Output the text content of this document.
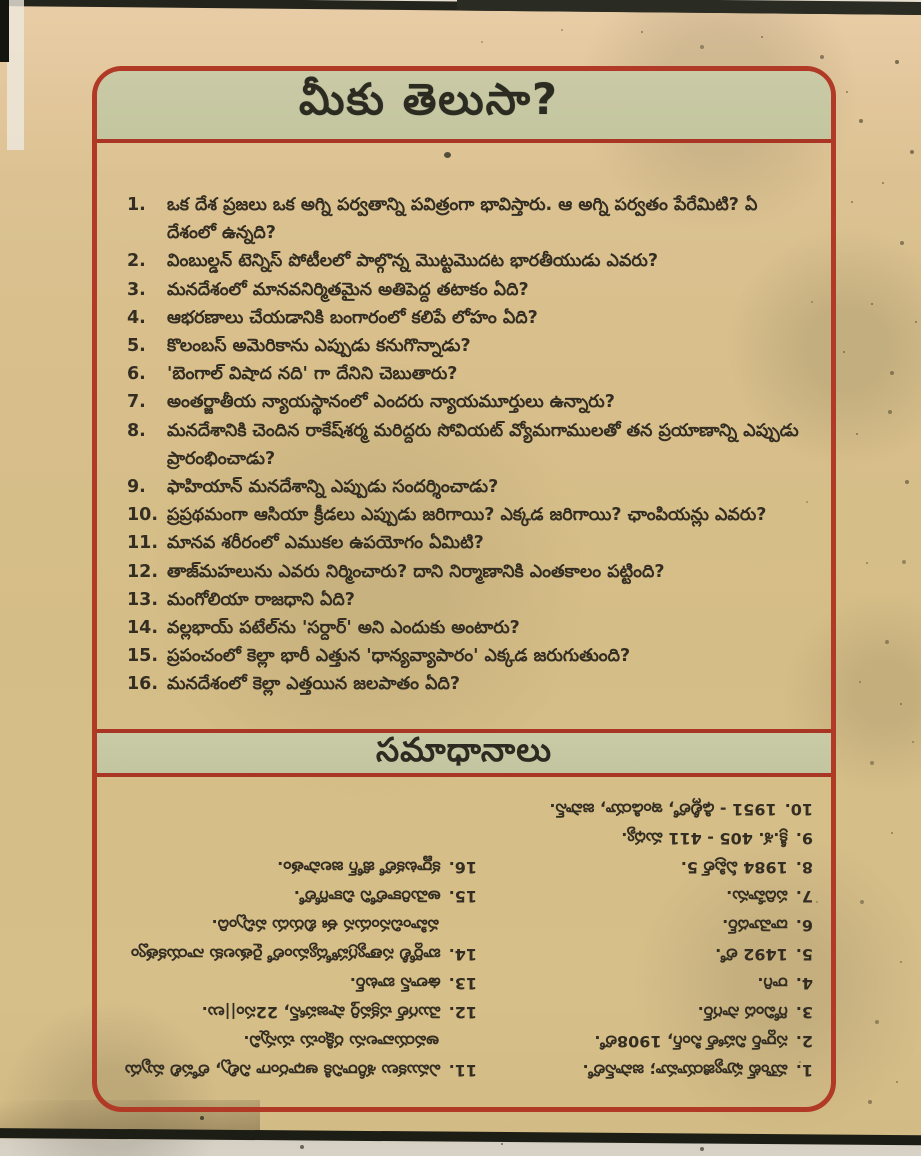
మీకు తెలుసా?
1.	ఒక దేశ ప్రజలు ఒక అగ్ని పర్వతాన్ని పవిత్రంగా భావిస్తారు. ఆ అగ్ని పర్వతం పేరేమిటి? ఏ దేశంలో ఉన్నది?
2.	వింబుల్డన్ టెన్నిస్ పోటీలలో పాల్గొన్న మొట్టమొదట భారతీయుడు ఎవరు?
3.	మనదేశంలో మానవనిర్మితమైన అతిపెద్ద తటాకం ఏది?
4.	ఆభరణాలు చేయడానికి బంగారంలో కలిపే లోహం ఏది?
5.	కొలంబస్ అమెరికాను ఎప్పుడు కనుగొన్నాడు?
6.	'బెంగాల్ విషాద నది' గా దేనిని చెబుతారు?
7.	అంతర్జాతీయ న్యాయస్థానంలో ఎందరు న్యాయమూర్తులు ఉన్నారు?
8.	మనదేశానికి చెందిన రాకేష్‌శర్మ మరిద్దరు సోవియట్ వ్యోమగాములతో తన ప్రయాణాన్ని ఎప్పుడు ప్రారంభించాడు?
9.	ఫాహియాన్ మనదేశాన్ని ఎప్పుడు సందర్శించాడు?
10. ప్రప్రథమంగా ఆసియా క్రీడలు ఎప్పుడు జరిగాయి? ఎక్కడ జరిగాయి? ఛాంపియన్లు ఎవరు?
11. మానవ శరీరంలో ఎముకల ఉపయోగం ఏమిటి?
12. తాజ్‌మహలును ఎవరు నిర్మించారు? దాని నిర్మాణానికి ఎంతకాలం పట్టింది?
13. మంగోలియా రాజధాని ఏది?
14. వల్లభాయ్ పటేల్‌ను 'సర్దార్' అని ఎందుకు అంటారు?
15. ప్రపంచంలో కెల్లా భారీ ఎత్తున 'ధాన్యవ్యాపారం' ఎక్కడ జరుగుతుంది?
16. మనదేశంలో కెల్లా ఎత్తయిన జలపాతం ఏది?
సమాధానాలు
1.మౌంట్ ఫ్యూజియామా; జపాన్‌లో.
2.సర్దార్ నిహాల్ సింగ్, 1908లో.
3.గోవింద సాగర్.
4.రాగి.
5.1492 లో.
6.దామోదర్.
7.పదిహేను.
8.1984 ఏప్రిల్ 5.
9.క్రీ.శ. 405 - 411 మధ్య.
10.1951 - ఢిల్లీలో, ఇండియా, జపాన్.
11.ఎముకలు శరీరానికి ఆధారంగా నిల్చి, లోపలి మృదు అవయవాలను రక్షించు చున్నవి.
12.మొగల్ చక్రవర్తి షాజహాన్, 22సం||లు.
13.ఉలాన్ బాటర్.
14.బార్దోలీ సత్యాగ్రహోద్యమంలో రైతులకు నాయకత్వం వహించినందున ఈ బిరుదు వచ్చింది.
15.అమెరికాలోని చికాగోలో.
16.కర్ణాటకలో జోగ్ జలపాతం.
